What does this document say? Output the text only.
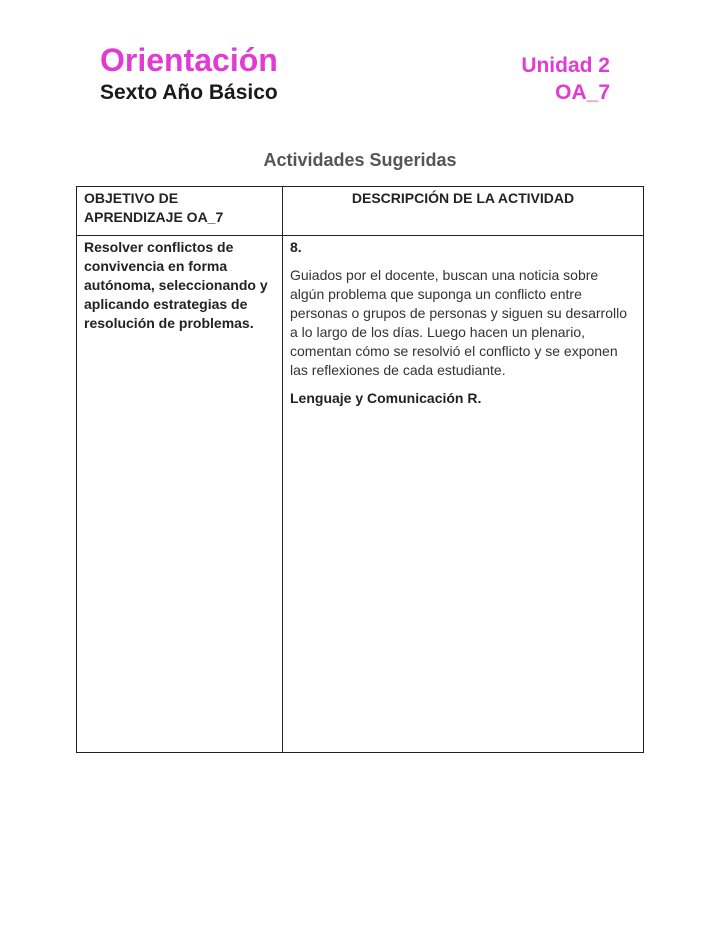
Orientación
Sexto Año Básico
Unidad 2
OA_7
Actividades Sugeridas
OBJETIVO DE APRENDIZAJE OA_7	DESCRIPCIÓN DE LA ACTIVIDAD
Resolver conflictos de convivencia en forma autónoma, seleccionando y aplicando estrategias de resolución de problemas.	8.

Guiados por el docente, buscan una noticia sobre algún problema que suponga un conflicto entre personas o grupos de personas y siguen su desarrollo a lo largo de los días. Luego hacen un plenario, comentan cómo se resolvió el conflicto y se exponen las reflexiones de cada estudiante.

Lenguaje y Comunicación R.
